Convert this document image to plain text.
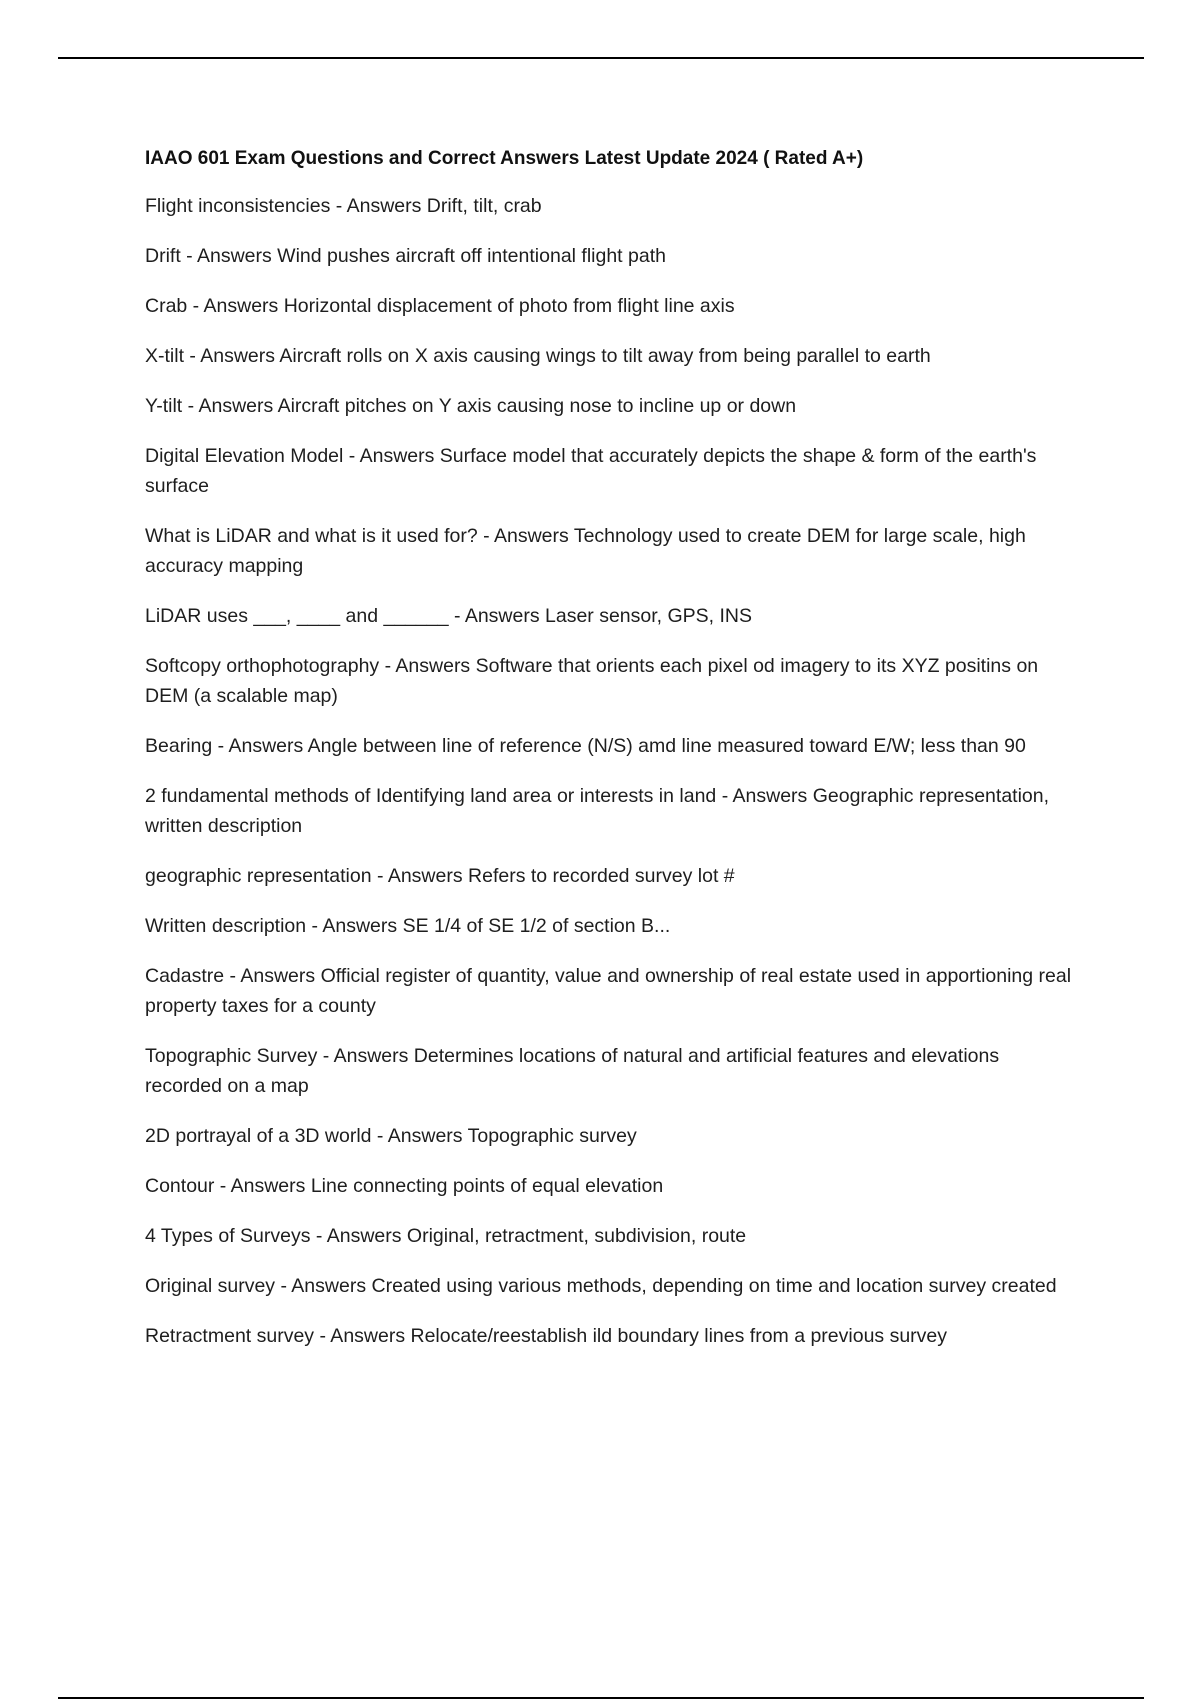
IAAO 601 Exam Questions and Correct Answers Latest Update 2024 ( Rated A+)

Flight inconsistencies - Answers Drift, tilt, crab

Drift - Answers Wind pushes aircraft off intentional flight path

Crab - Answers Horizontal displacement of photo from flight line axis

X-tilt - Answers Aircraft rolls on X axis causing wings to tilt away from being parallel to earth

Y-tilt - Answers Aircraft pitches on Y axis causing nose to incline up or down

Digital Elevation Model - Answers Surface model that accurately depicts the shape & form of the earth's surface

What is LiDAR and what is it used for? - Answers Technology used to create DEM for large scale, high accuracy mapping

LiDAR uses ___, ____ and ______ - Answers Laser sensor, GPS, INS

Softcopy orthophotography - Answers Software that orients each pixel od imagery to its XYZ positins on DEM (a scalable map)

Bearing - Answers Angle between line of reference (N/S) amd line measured toward E/W; less than 90

2 fundamental methods of Identifying land area or interests in land - Answers Geographic representation, written description

geographic representation - Answers Refers to recorded survey lot #

Written description - Answers SE 1/4 of SE 1/2 of section B...

Cadastre - Answers Official register of quantity, value and ownership of real estate used in apportioning real property taxes for a county

Topographic Survey - Answers Determines locations of natural and artificial features and elevations recorded on a map

2D portrayal of a 3D world - Answers Topographic survey

Contour - Answers Line connecting points of equal elevation

4 Types of Surveys - Answers Original, retractment, subdivision, route

Original survey - Answers Created using various methods, depending on time and location survey created

Retractment survey - Answers Relocate/reestablish ild boundary lines from a previous survey
